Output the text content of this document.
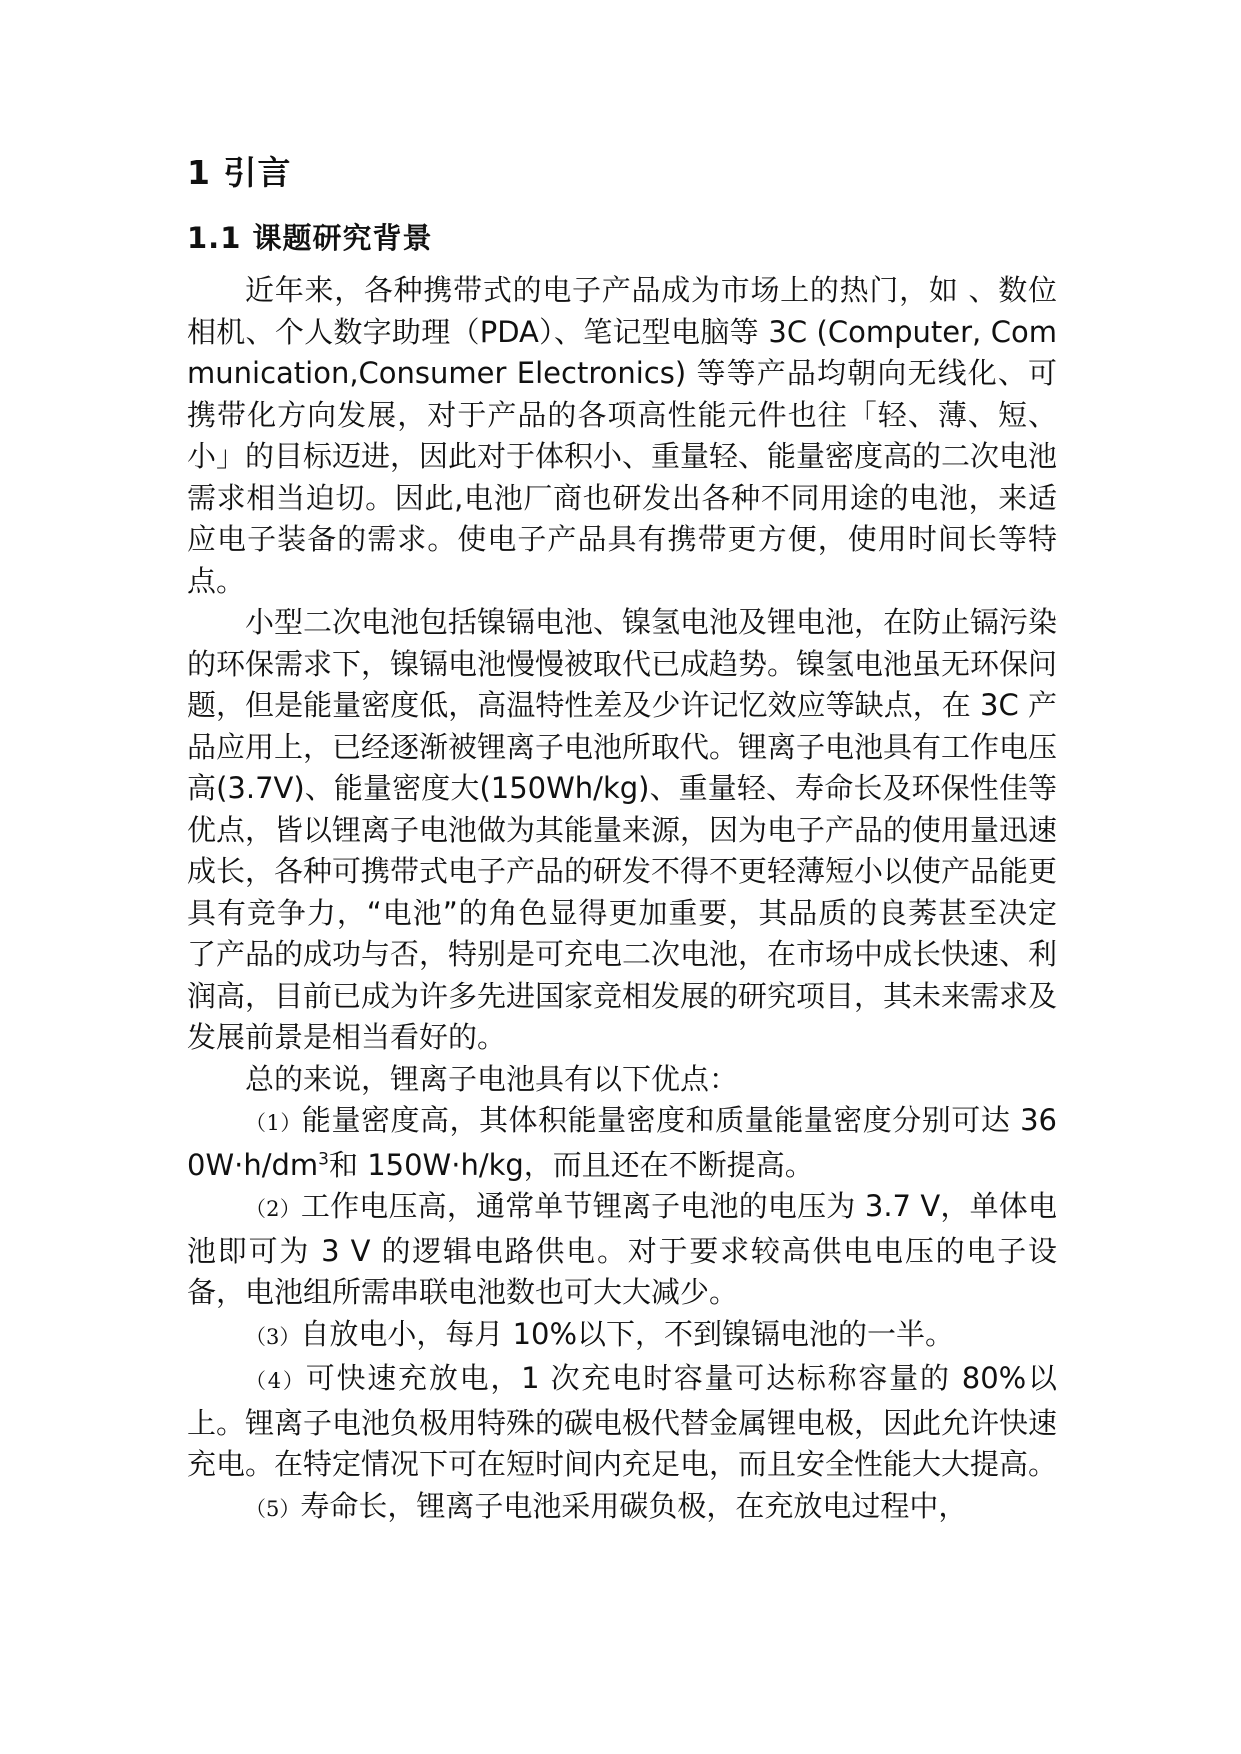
1 引言
1.1 课题研究背景

近年来，各种携带式的电子产品成为市场上的热门，如 、数位相机、个人数字助理（PDA）、笔记型电脑等 3C (Computer, Communication,Consumer Electronics) 等等产品均朝向无线化、可携带化方向发展，对于产品的各项高性能元件也往「轻、薄、短、小」的目标迈进，因此对于体积小、重量轻、能量密度高的二次电池需求相当迫切。因此,电池厂商也研发出各种不同用途的电池，来适应电子装备的需求。使电子产品具有携带更方便，使用时间长等特点。

小型二次电池包括镍镉电池、镍氢电池及锂电池，在防止镉污染的环保需求下，镍镉电池慢慢被取代已成趋势。镍氢电池虽无环保问题，但是能量密度低，高温特性差及少许记忆效应等缺点，在 3C 产品应用上，已经逐渐被锂离子电池所取代。锂离子电池具有工作电压高(3.7V)、能量密度大(150Wh/kg)、重量轻、寿命长及环保性佳等优点，皆以锂离子电池做为其能量来源，因为电子产品的使用量迅速成长，各种可携带式电子产品的研发不得不更轻薄短小以使产品能更具有竞争力，“电池”的角色显得更加重要，其品质的良莠甚至决定了产品的成功与否，特别是可充电二次电池，在市场中成长快速、利润高，目前已成为许多先进国家竞相发展的研究项目，其未来需求及发展前景是相当看好的。

总的来说，锂离子电池具有以下优点：

（1）能量密度高，其体积能量密度和质量能量密度分别可达 $360W\cdot h/dm^3$和 150W·h/kg，而且还在不断提高。

（2）工作电压高，通常单节锂离子电池的电压为 3.7 V，单体电池即可为 3 V 的逻辑电路供电。对于要求较高供电电压的电子设备，电池组所需串联电池数也可大大减少。

（3）自放电小，每月 10%以下，不到镍镉电池的一半。

（4）可快速充放电，1 次充电时容量可达标称容量的 80%以上。锂离子电池负极用特殊的碳电极代替金属锂电极，因此允许快速充电。在特定情况下可在短时间内充足电，而且安全性能大大提高。

（5）寿命长，锂离子电池采用碳负极，在充放电过程中，
